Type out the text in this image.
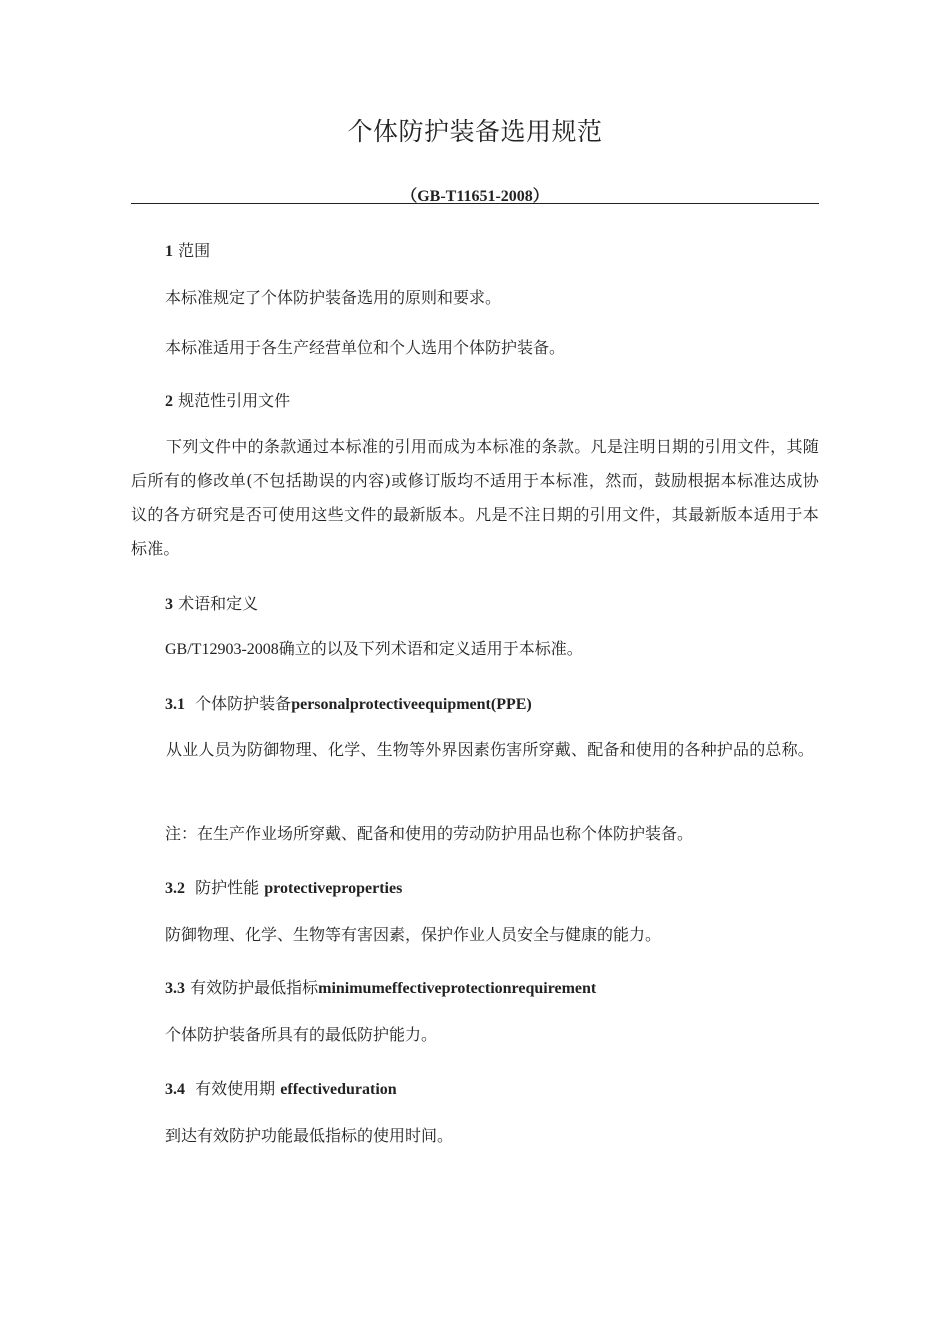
个体防护装备选用规范
（GB-T11651-2008）
1 范围
本标准规定了个体防护装备选用的原则和要求。
本标准适用于各生产经营单位和个人选用个体防护装备。
2 规范性引用文件
下列文件中的条款通过本标准的引用而成为本标准的条款。凡是注明日期的引用文件，其随后所有的修改单(不包括勘误的内容)或修订版均不适用于本标准，然而，鼓励根据本标准达成协议的各方研究是否可使用这些文件的最新版本。凡是不注日期的引用文件，其最新版本适用于本标准。
3 术语和定义
GB/T12903-2008确立的以及下列术语和定义适用于本标准。
3.1 个体防护装备personalprotectiveequipment(PPE)
从业人员为防御物理、化学、生物等外界因素伤害所穿戴、配备和使用的各种护品的总称。
注：在生产作业场所穿戴、配备和使用的劳动防护用品也称个体防护装备。
3.2 防护性能 protectiveproperties
防御物理、化学、生物等有害因素，保护作业人员安全与健康的能力。
3.3 有效防护最低指标minimumeffectiveprotectionrequirement
个体防护装备所具有的最低防护能力。
3.4 有效使用期 effectiveduration
到达有效防护功能最低指标的使用时间。
